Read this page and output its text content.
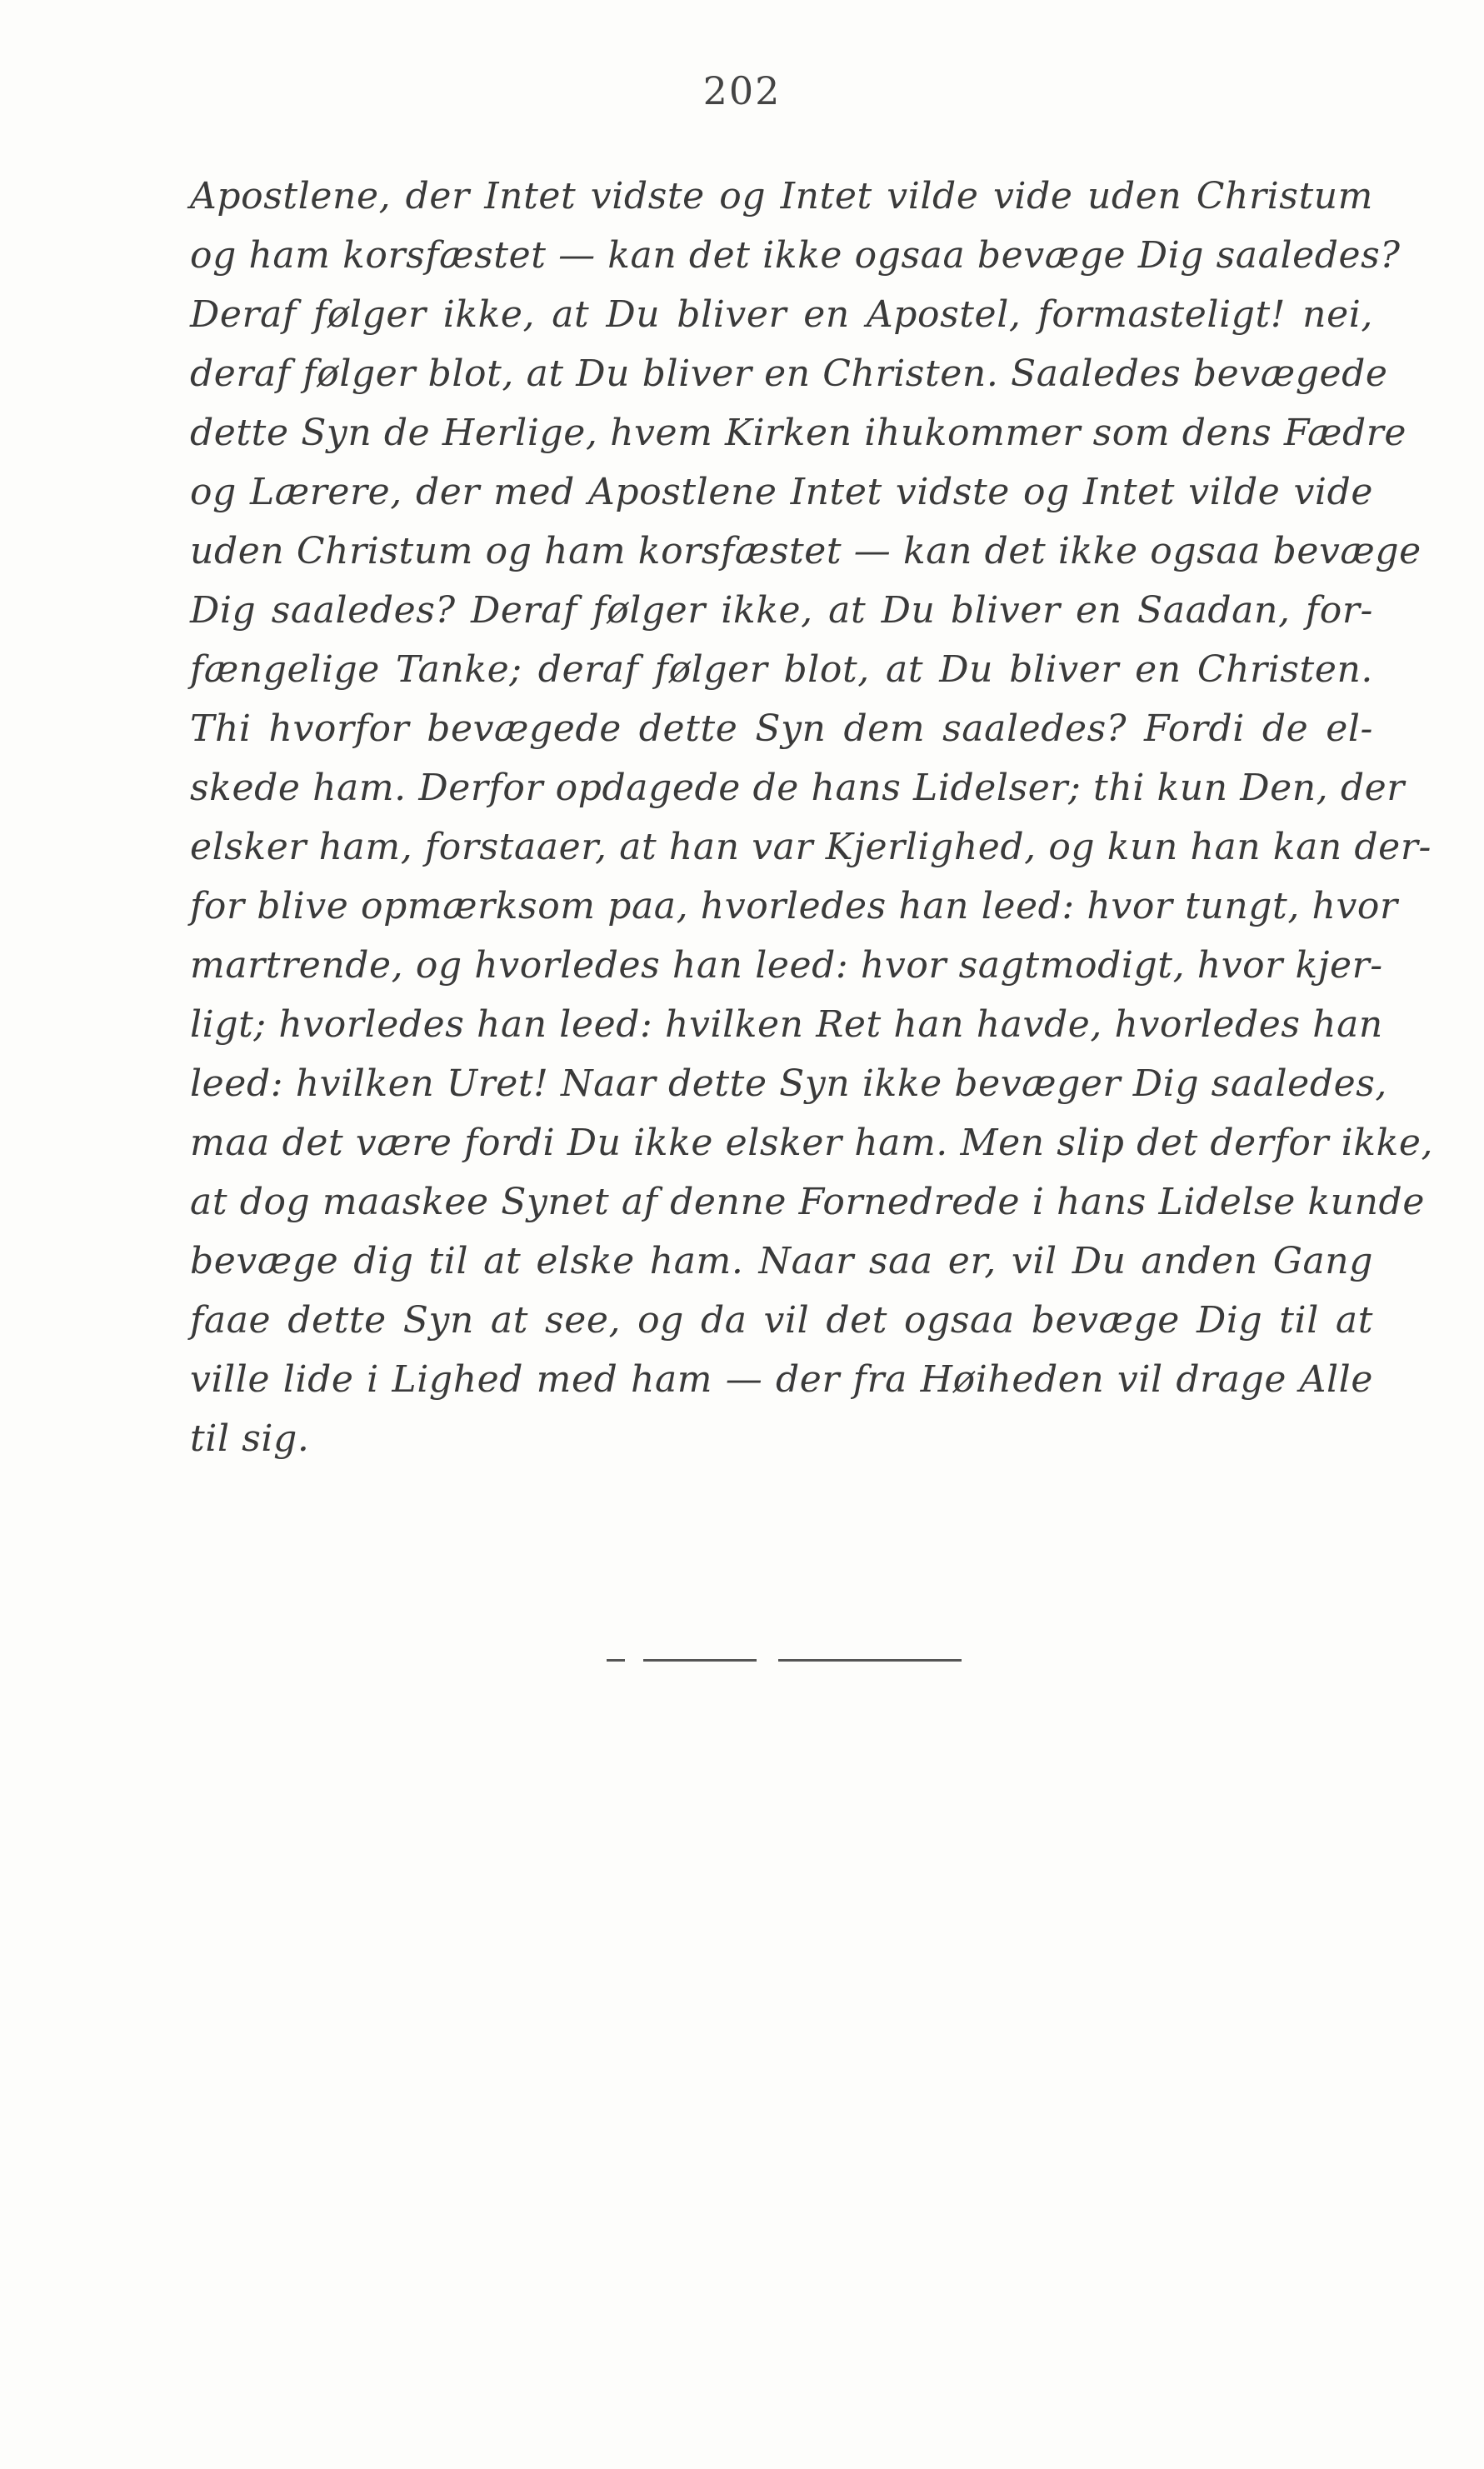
202
Apostlene, der Intet vidste og Intet vilde vide uden Christum
og ham korsfæstet — kan det ikke ogsaa bevæge Dig saaledes?
Deraf følger ikke, at Du bliver en Apostel, formasteligt! nei,
deraf følger blot, at Du bliver en Christen. Saaledes bevægede
dette Syn de Herlige, hvem Kirken ihukommer som dens Fædre
og Lærere, der med Apostlene Intet vidste og Intet vilde vide
uden Christum og ham korsfæstet — kan det ikke ogsaa bevæge
Dig saaledes? Deraf følger ikke, at Du bliver en Saadan, for-
fængelige Tanke; deraf følger blot, at Du bliver en Christen.
Thi hvorfor bevægede dette Syn dem saaledes? Fordi de el-
skede ham. Derfor opdagede de hans Lidelser; thi kun Den, der
elsker ham, forstaaer, at han var Kjerlighed, og kun han kan der-
for blive opmærksom paa, hvorledes han leed: hvor tungt, hvor
martrende, og hvorledes han leed: hvor sagtmodigt, hvor kjer-
ligt; hvorledes han leed: hvilken Ret han havde, hvorledes han
leed: hvilken Uret! Naar dette Syn ikke bevæger Dig saaledes,
maa det være fordi Du ikke elsker ham. Men slip det derfor ikke,
at dog maaskee Synet af denne Fornedrede i hans Lidelse kunde
bevæge dig til at elske ham. Naar saa er, vil Du anden Gang
faae dette Syn at see, og da vil det ogsaa bevæge Dig til at
ville lide i Lighed med ham — der fra Høiheden vil drage Alle
til sig.
